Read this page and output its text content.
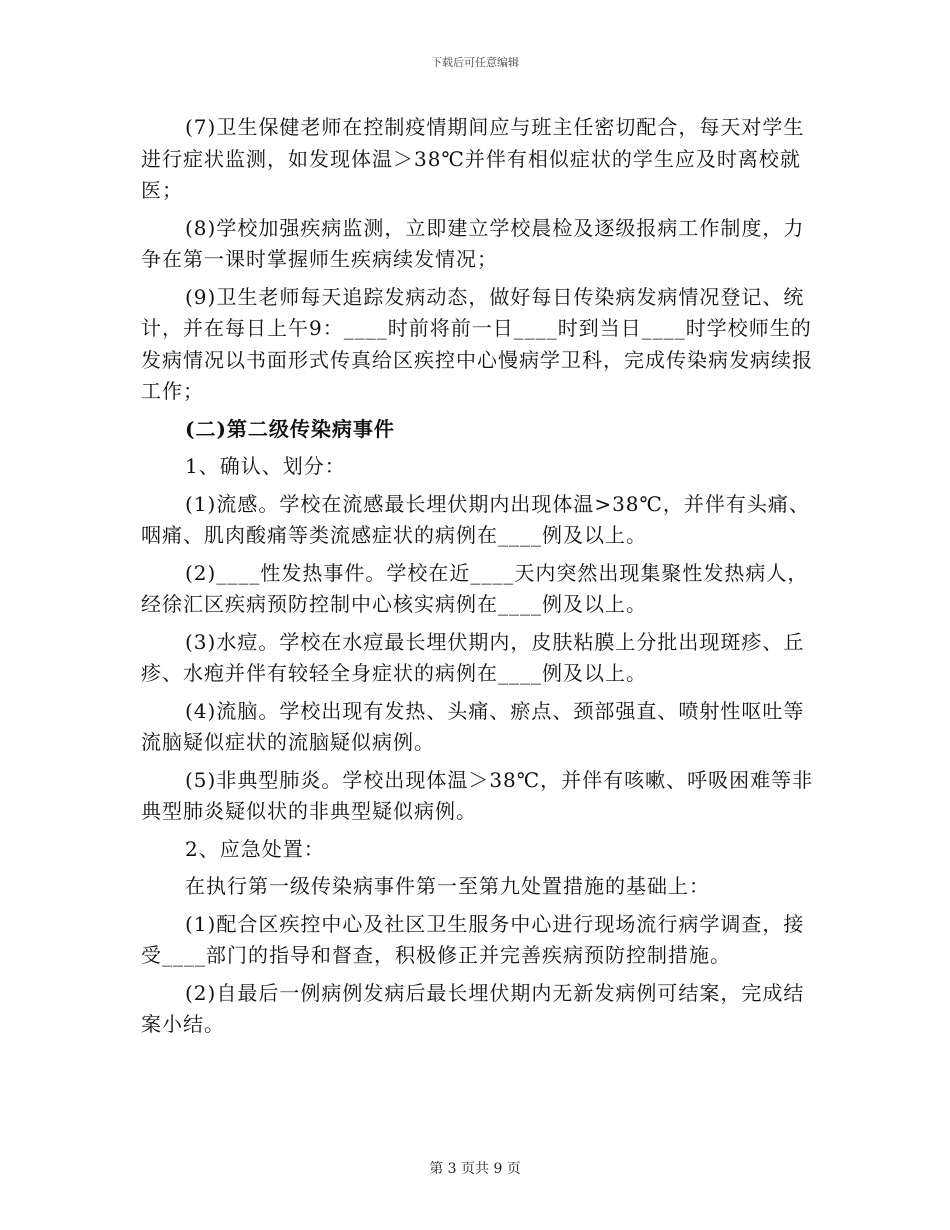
下载后可任意编辑

(7)卫生保健老师在控制疫情期间应与班主任密切配合，每天对学生进行症状监测，如发现体温＞38℃并伴有相似症状的学生应及时离校就医；

(8)学校加强疾病监测，立即建立学校晨检及逐级报病工作制度，力争在第一课时掌握师生疾病续发情况；

(9)卫生老师每天追踪发病动态，做好每日传染病发病情况登记、统计，并在每日上午9：____时前将前一日____时到当日____时学校师生的发病情况以书面形式传真给区疾控中心慢病学卫科，完成传染病发病续报工作；

(二)第二级传染病事件

1、确认、划分：

(1)流感。学校在流感最长埋伏期内出现体温>38℃，并伴有头痛、咽痛、肌肉酸痛等类流感症状的病例在____例及以上。

(2)____性发热事件。学校在近____天内突然出现集聚性发热病人，经徐汇区疾病预防控制中心核实病例在____例及以上。

(3)水痘。学校在水痘最长埋伏期内，皮肤粘膜上分批出现斑疹、丘疹、水疱并伴有较轻全身症状的病例在____例及以上。

(4)流脑。学校出现有发热、头痛、瘀点、颈部强直、喷射性呕吐等流脑疑似症状的流脑疑似病例。

(5)非典型肺炎。学校出现体温＞38℃，并伴有咳嗽、呼吸困难等非典型肺炎疑似状的非典型疑似病例。

2、应急处置：

在执行第一级传染病事件第一至第九处置措施的基础上：

(1)配合区疾控中心及社区卫生服务中心进行现场流行病学调查，接受____部门的指导和督查，积极修正并完善疾病预防控制措施。

(2)自最后一例病例发病后最长埋伏期内无新发病例可结案，完成结案小结。

第 3 页共 9 页
